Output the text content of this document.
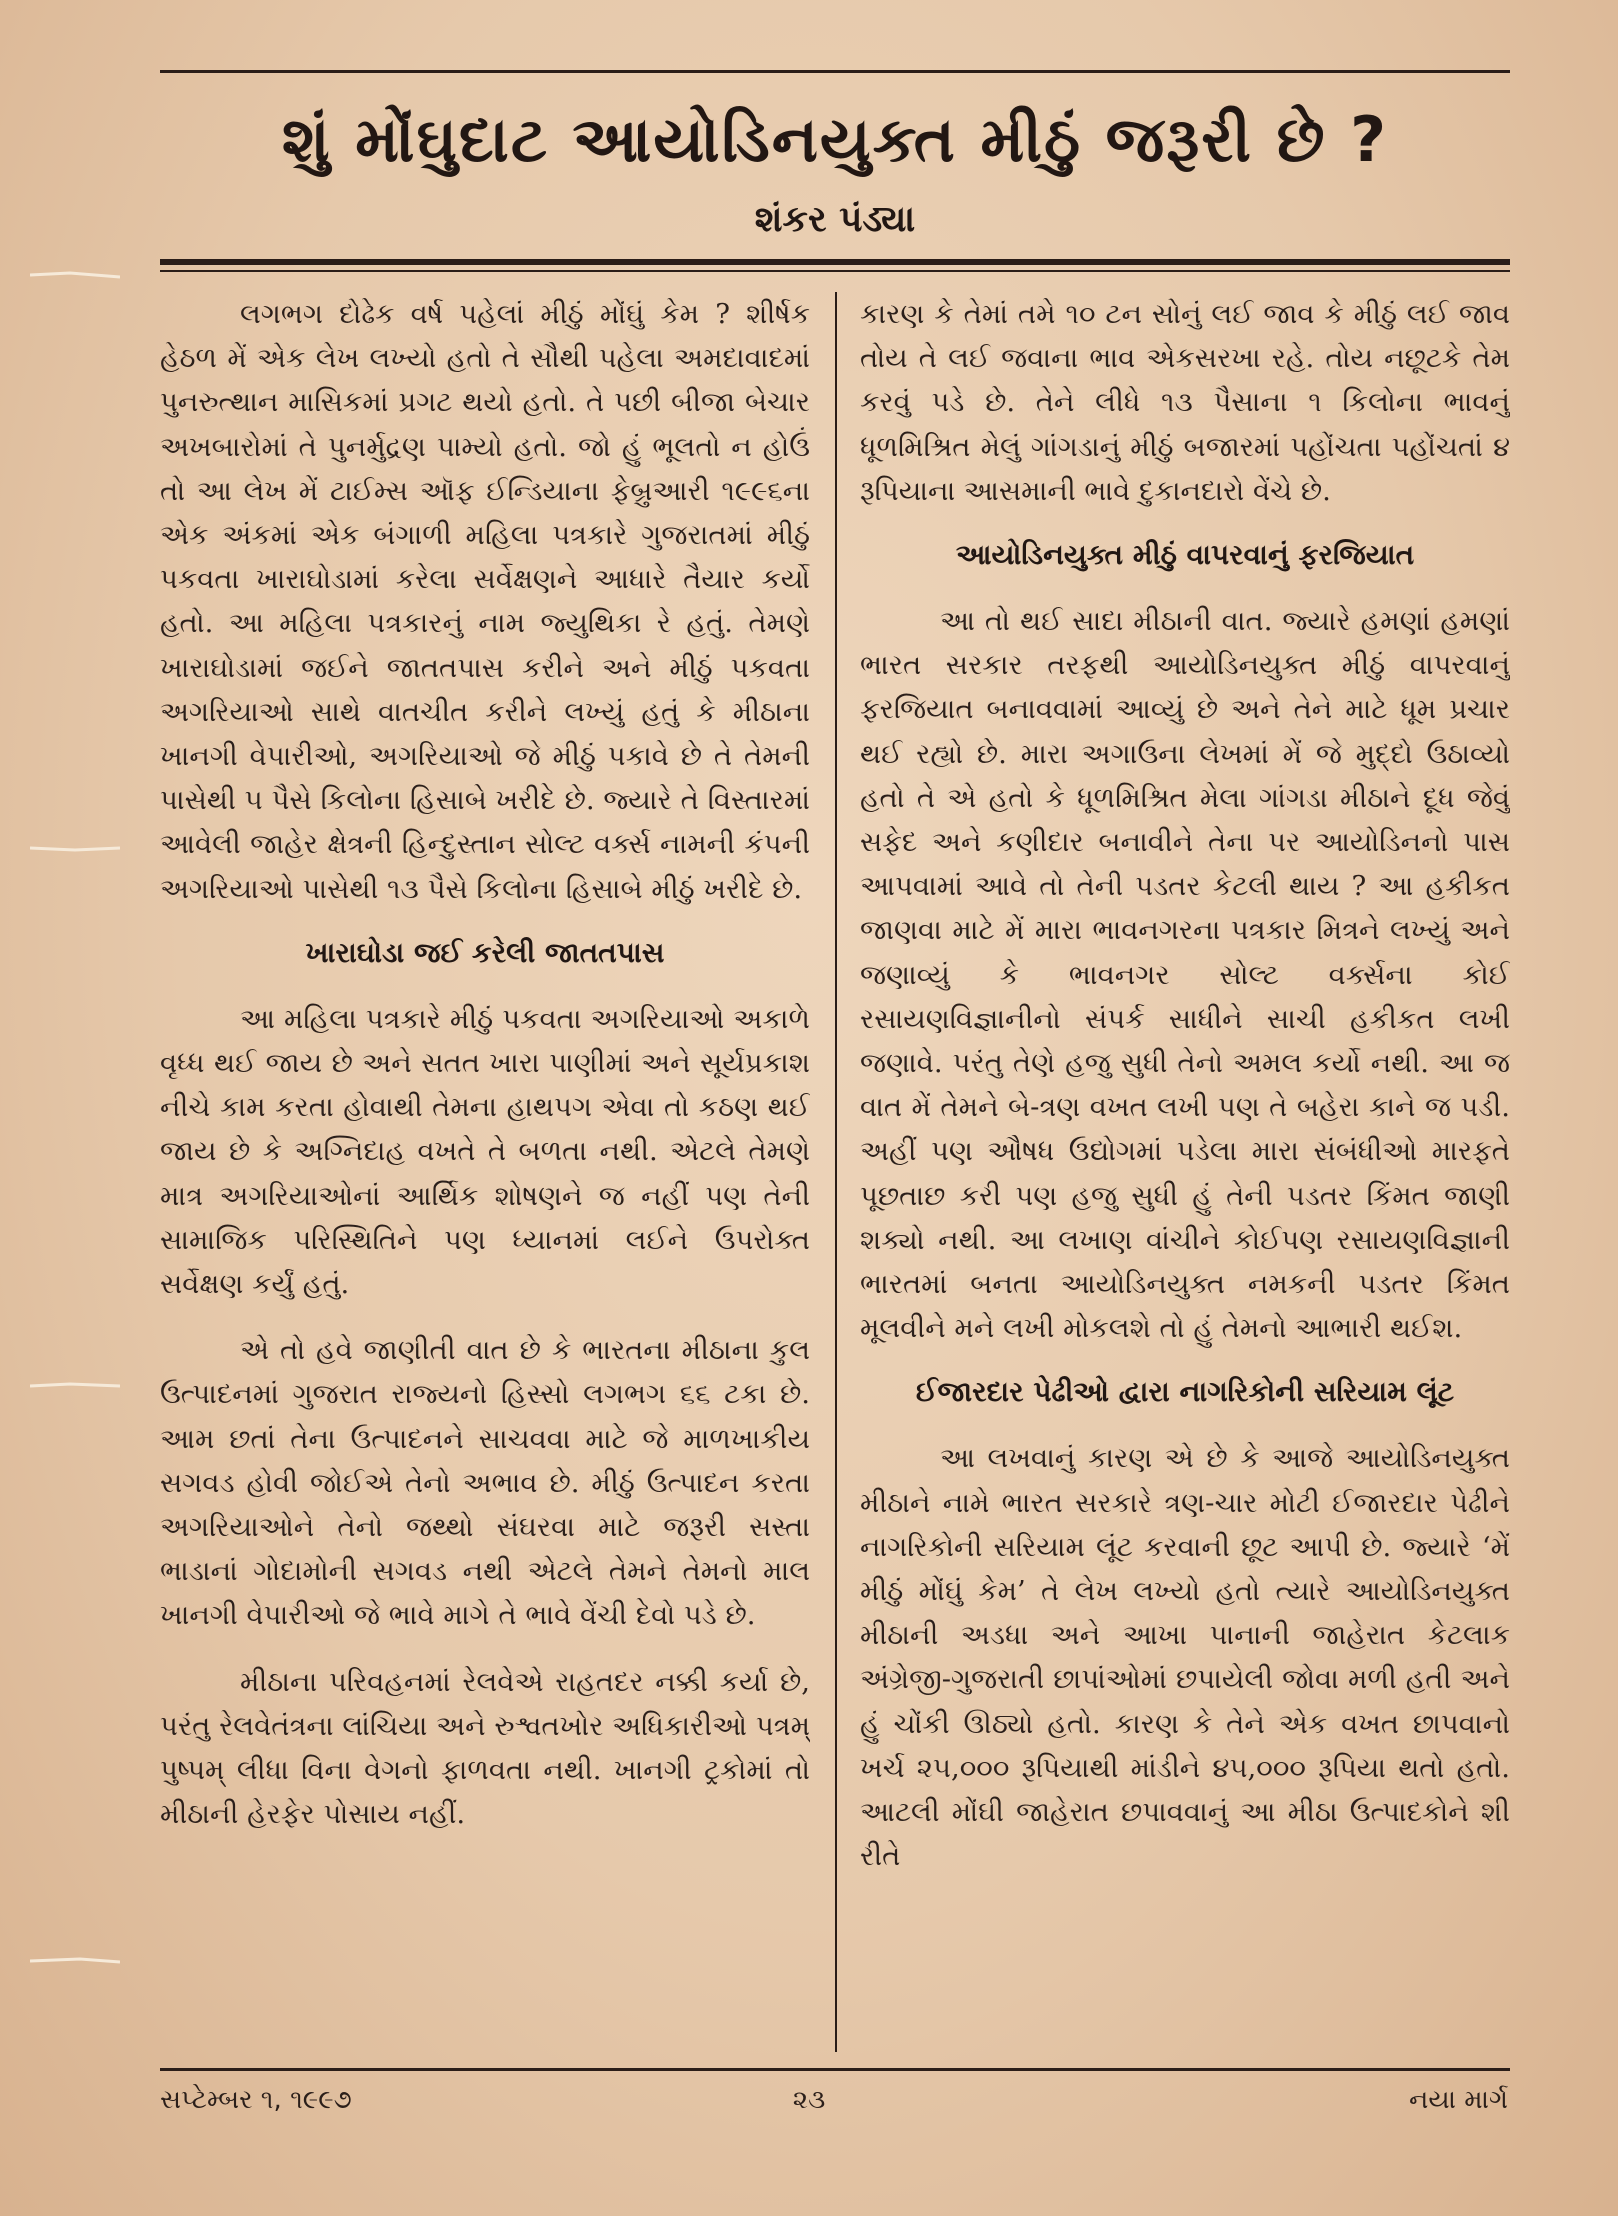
શું મોંઘુદાટ આયોડિનયુક્ત મીઠું જરૂરી છે ?
શંકર પંડ્યા

લગભગ દોઢેક વર્ષ પહેલાં મીઠું મોંઘું કેમ ? શીર્ષક હેઠળ મેં એક લેખ લખ્યો હતો તે સૌથી પહેલા અમદાવાદમાં પુનરુત્થાન માસિકમાં પ્રગટ થયો હતો. તે પછી બીજા બેચાર અખબારોમાં તે પુનર્મુદ્રણ પામ્યો હતો. જો હું ભૂલતો ન હોઉં તો આ લેખ મેં ટાઈમ્સ ઑફ ઈન્ડિયાના ફેબ્રુઆરી ૧૯૯૬ના એક અંકમાં એક બંગાળી મહિલા પત્રકારે ગુજરાતમાં મીઠું પકવતા ખારાઘોડામાં કરેલા સર્વેક્ષણને આધારે તૈયાર કર્યો હતો. આ મહિલા પત્રકારનું નામ જ્યુથિકા રે હતું. તેમણે ખારાઘોડામાં જઈને જાતતપાસ કરીને અને મીઠું પકવતા અગરિયાઓ સાથે વાતચીત કરીને લખ્યું હતું કે મીઠાના ખાનગી વેપારીઓ, અગરિયાઓ જે મીઠું પકાવે છે તે તેમની પાસેથી ૫ પૈસે કિલોના હિસાબે ખરીદે છે. જ્યારે તે વિસ્તારમાં આવેલી જાહેર ક્ષેત્રની હિન્દુસ્તાન સોલ્ટ વર્ક્સ નામની કંપની અગરિયાઓ પાસેથી ૧૩ પૈસે કિલોના હિસાબે મીઠું ખરીદે છે.

ખારાઘોડા જઈ કરેલી જાતતપાસ

આ મહિલા પત્રકારે મીઠું પકવતા અગરિયાઓ અકાળે વૃધ્ધ થઈ જાય છે અને સતત ખારા પાણીમાં અને સૂર્યપ્રકાશ નીચે કામ કરતા હોવાથી તેમના હાથપગ એવા તો કઠણ થઈ જાય છે કે અગ્નિદાહ વખતે તે બળતા નથી. એટલે તેમણે માત્ર અગરિયાઓનાં આર્થિક શોષણને જ નહીં પણ તેની સામાજિક પરિસ્થિતિને પણ ધ્યાનમાં લઈને ઉપરોક્ત સર્વેક્ષણ કર્યું હતું.

એ તો હવે જાણીતી વાત છે કે ભારતના મીઠાના કુલ ઉત્પાદનમાં ગુજરાત રાજ્યનો હિસ્સો લગભગ ૬૬ ટકા છે. આમ છતાં તેના ઉત્પાદનને સાચવવા માટે જે માળખાકીય સગવડ હોવી જોઈએ તેનો અભાવ છે. મીઠું ઉત્પાદન કરતા અગરિયાઓને તેનો જથ્થો સંઘરવા માટે જરૂરી સસ્તા ભાડાનાં ગોદામોની સગવડ નથી એટલે તેમને તેમનો માલ ખાનગી વેપારીઓ જે ભાવે માગે તે ભાવે વેંચી દેવો પડે છે.

મીઠાના પરિવહનમાં રેલવેએ રાહતદર નક્કી કર્યા છે, પરંતુ રેલવેતંત્રના લાંચિયા અને રુશ્વતખોર અધિકારીઓ પત્રમ્ પુષ્પમ્ લીધા વિના વેગનો ફાળવતા નથી. ખાનગી ટ્રકોમાં તો મીઠાની હેરફેર પોસાય નહીં.

કારણ કે તેમાં તમે ૧૦ ટન સોનું લઈ જાવ કે મીઠું લઈ જાવ તોય તે લઈ જવાના ભાવ એકસરખા રહે. તોય નછૂટકે તેમ કરવું પડે છે. તેને લીધે ૧૩ પૈસાના ૧ કિલોના ભાવનું ધૂળમિશ્રિત મેલું ગાંગડાનું મીઠું બજારમાં પહોંચતા પહોંચતાં ૪ રૂપિયાના આસમાની ભાવે દુકાનદારો વેંચે છે.

આયોડિનયુક્ત મીઠું વાપરવાનું ફરજિયાત

આ તો થઈ સાદા મીઠાની વાત. જ્યારે હમણાં હમણાં ભારત સરકાર તરફથી આયોડિનયુક્ત મીઠું વાપરવાનું ફરજિયાત બનાવવામાં આવ્યું છે અને તેને માટે ધૂમ પ્રચાર થઈ રહ્યો છે. મારા અગાઉના લેખમાં મેં જે મુદ્દો ઉઠાવ્યો હતો તે એ હતો કે ધૂળમિશ્રિત મેલા ગાંગડા મીઠાને દૂધ જેવું સફેદ અને કણીદાર બનાવીને તેના પર આયોડિનનો પાસ આપવામાં આવે તો તેની પડતર કેટલી થાય ? આ હકીકત જાણવા માટે મેં મારા ભાવનગરના પત્રકાર મિત્રને લખ્યું અને જણાવ્યું કે ભાવનગર સોલ્ટ વર્ક્સના કોઈ રસાયણવિજ્ઞાનીનો સંપર્ક સાધીને સાચી હકીકત લખી જણાવે. પરંતુ તેણે હજુ સુધી તેનો અમલ કર્યો નથી. આ જ વાત મેં તેમને બે-ત્રણ વખત લખી પણ તે બહેરા કાને જ પડી. અહીં પણ ઔષધ ઉદ્યોગમાં પડેલા મારા સંબંધીઓ મારફતે પૂછતાછ કરી પણ હજુ સુધી હું તેની પડતર કિંમત જાણી શક્યો નથી. આ લખાણ વાંચીને કોઈપણ રસાયણવિજ્ઞાની ભારતમાં બનતા આયોડિનયુક્ત નમકની પડતર કિંમત મૂલવીને મને લખી મોકલશે તો હું તેમનો આભારી થઈશ.

ઈજારદાર પેઢીઓ દ્વારા નાગરિકોની સરિયામ લૂંટ

આ લખવાનું કારણ એ છે કે આજે આયોડિનયુક્ત મીઠાને નામે ભારત સરકારે ત્રણ-ચાર મોટી ઈજારદાર પેઢીને નાગરિકોની સરિયામ લૂંટ કરવાની છૂટ આપી છે. જ્યારે ‘મેં મીઠું મોંઘું કેમ’ તે લેખ લખ્યો હતો ત્યારે આયોડિનયુક્ત મીઠાની અડધા અને આખા પાનાની જાહેરાત કેટલાક અંગ્રેજી-ગુજરાતી છાપાંઓમાં છપાયેલી જોવા મળી હતી અને હું ચોંકી ઊઠ્યો હતો. કારણ કે તેને એક વખત છાપવાનો ખર્ચ ૨૫,૦૦૦ રૂપિયાથી માંડીને ૪૫,૦૦૦ રૂપિયા થતો હતો. આટલી મોંઘી જાહેરાત છપાવવાનું આ મીઠા ઉત્પાદકોને શી રીતે

સપ્ટેમ્બર ૧, ૧૯૯૭	૨૩	નયા માર્ગ
